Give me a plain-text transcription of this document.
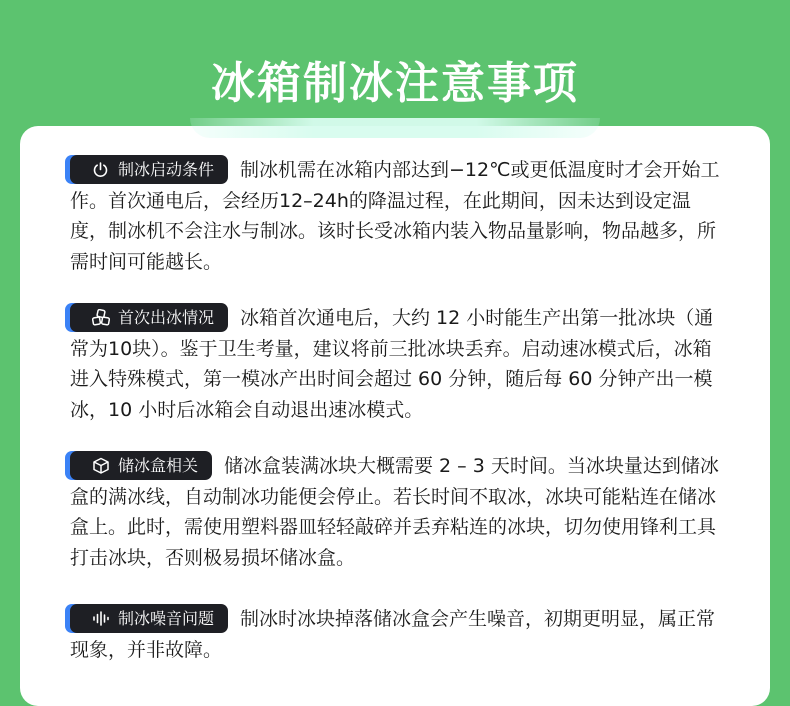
冰箱制冰注意事项
制冰启动条件 制冰机需在冰箱内部达到−12℃或更低温度时才会开始工作。首次通电后，会经历12–24h的降温过程，在此期间，因未达到设定温度，制冰机不会注水与制冰。该时长受冰箱内装入物品量影响，物品越多，所需时间可能越长。
首次出冰情况 冰箱首次通电后，大约 12 小时能生产出第一批冰块（通常为10块）。鉴于卫生考量，建议将前三批冰块丢弃。启动速冰模式后，冰箱进入特殊模式，第一模冰产出时间会超过 60 分钟，随后每 60 分钟产出一模冰，10 小时后冰箱会自动退出速冰模式。
储冰盒相关 储冰盒装满冰块大概需要 2 – 3 天时间。当冰块量达到储冰盒的满冰线，自动制冰功能便会停止。若长时间不取冰，冰块可能粘连在储冰盒上。此时，需使用塑料器皿轻轻敲碎并丢弃粘连的冰块，切勿使用锋利工具打击冰块，否则极易损坏储冰盒。
制冰噪音问题 制冰时冰块掉落储冰盒会产生噪音，初期更明显，属正常现象，并非故障。
